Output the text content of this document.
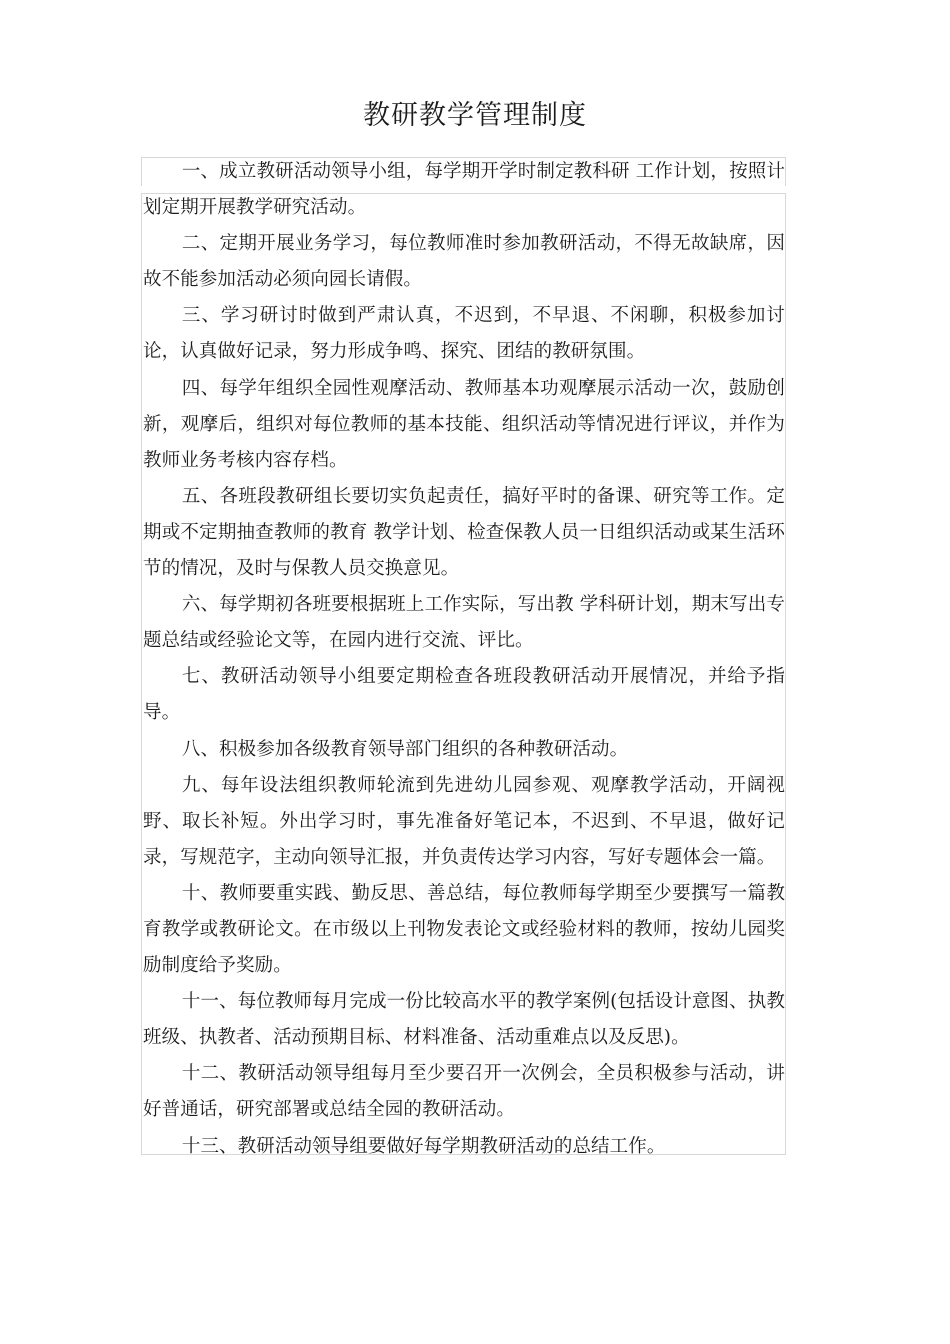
教研教学管理制度

一、成立教研活动领导小组，每学期开学时制定教科研 工作计划，按照计划定期开展教学研究活动。

二、定期开展业务学习，每位教师准时参加教研活动，不得无故缺席，因故不能参加活动必须向园长请假。

三、学习研讨时做到严肃认真，不迟到，不早退、不闲聊，积极参加讨论，认真做好记录，努力形成争鸣、探究、团结的教研氛围。

四、每学年组织全园性观摩活动、教师基本功观摩展示活动一次，鼓励创新，观摩后，组织对每位教师的基本技能、组织活动等情况进行评议，并作为教师业务考核内容存档。

五、各班段教研组长要切实负起责任，搞好平时的备课、研究等工作。定期或不定期抽查教师的教育 教学计划、检查保教人员一日组织活动或某生活环节的情况，及时与保教人员交换意见。

六、每学期初各班要根据班上工作实际，写出教 学科研计划，期末写出专题总结或经验论文等，在园内进行交流、评比。

七、教研活动领导小组要定期检查各班段教研活动开展情况，并给予指导。

八、积极参加各级教育领导部门组织的各种教研活动。

九、每年设法组织教师轮流到先进幼儿园参观、观摩教学活动，开阔视野、取长补短。外出学习时，事先准备好笔记本，不迟到、不早退，做好记录，写规范字，主动向领导汇报，并负责传达学习内容，写好专题体会一篇。

十、教师要重实践、勤反思、善总结，每位教师每学期至少要撰写一篇教育教学或教研论文。在市级以上刊物发表论文或经验材料的教师，按幼儿园奖励制度给予奖励。

十一、每位教师每月完成一份比较高水平的教学案例(包括设计意图、执教班级、执教者、活动预期目标、材料准备、活动重难点以及反思)。

十二、教研活动领导组每月至少要召开一次例会，全员积极参与活动，讲好普通话，研究部署或总结全园的教研活动。

十三、教研活动领导组要做好每学期教研活动的总结工作。
